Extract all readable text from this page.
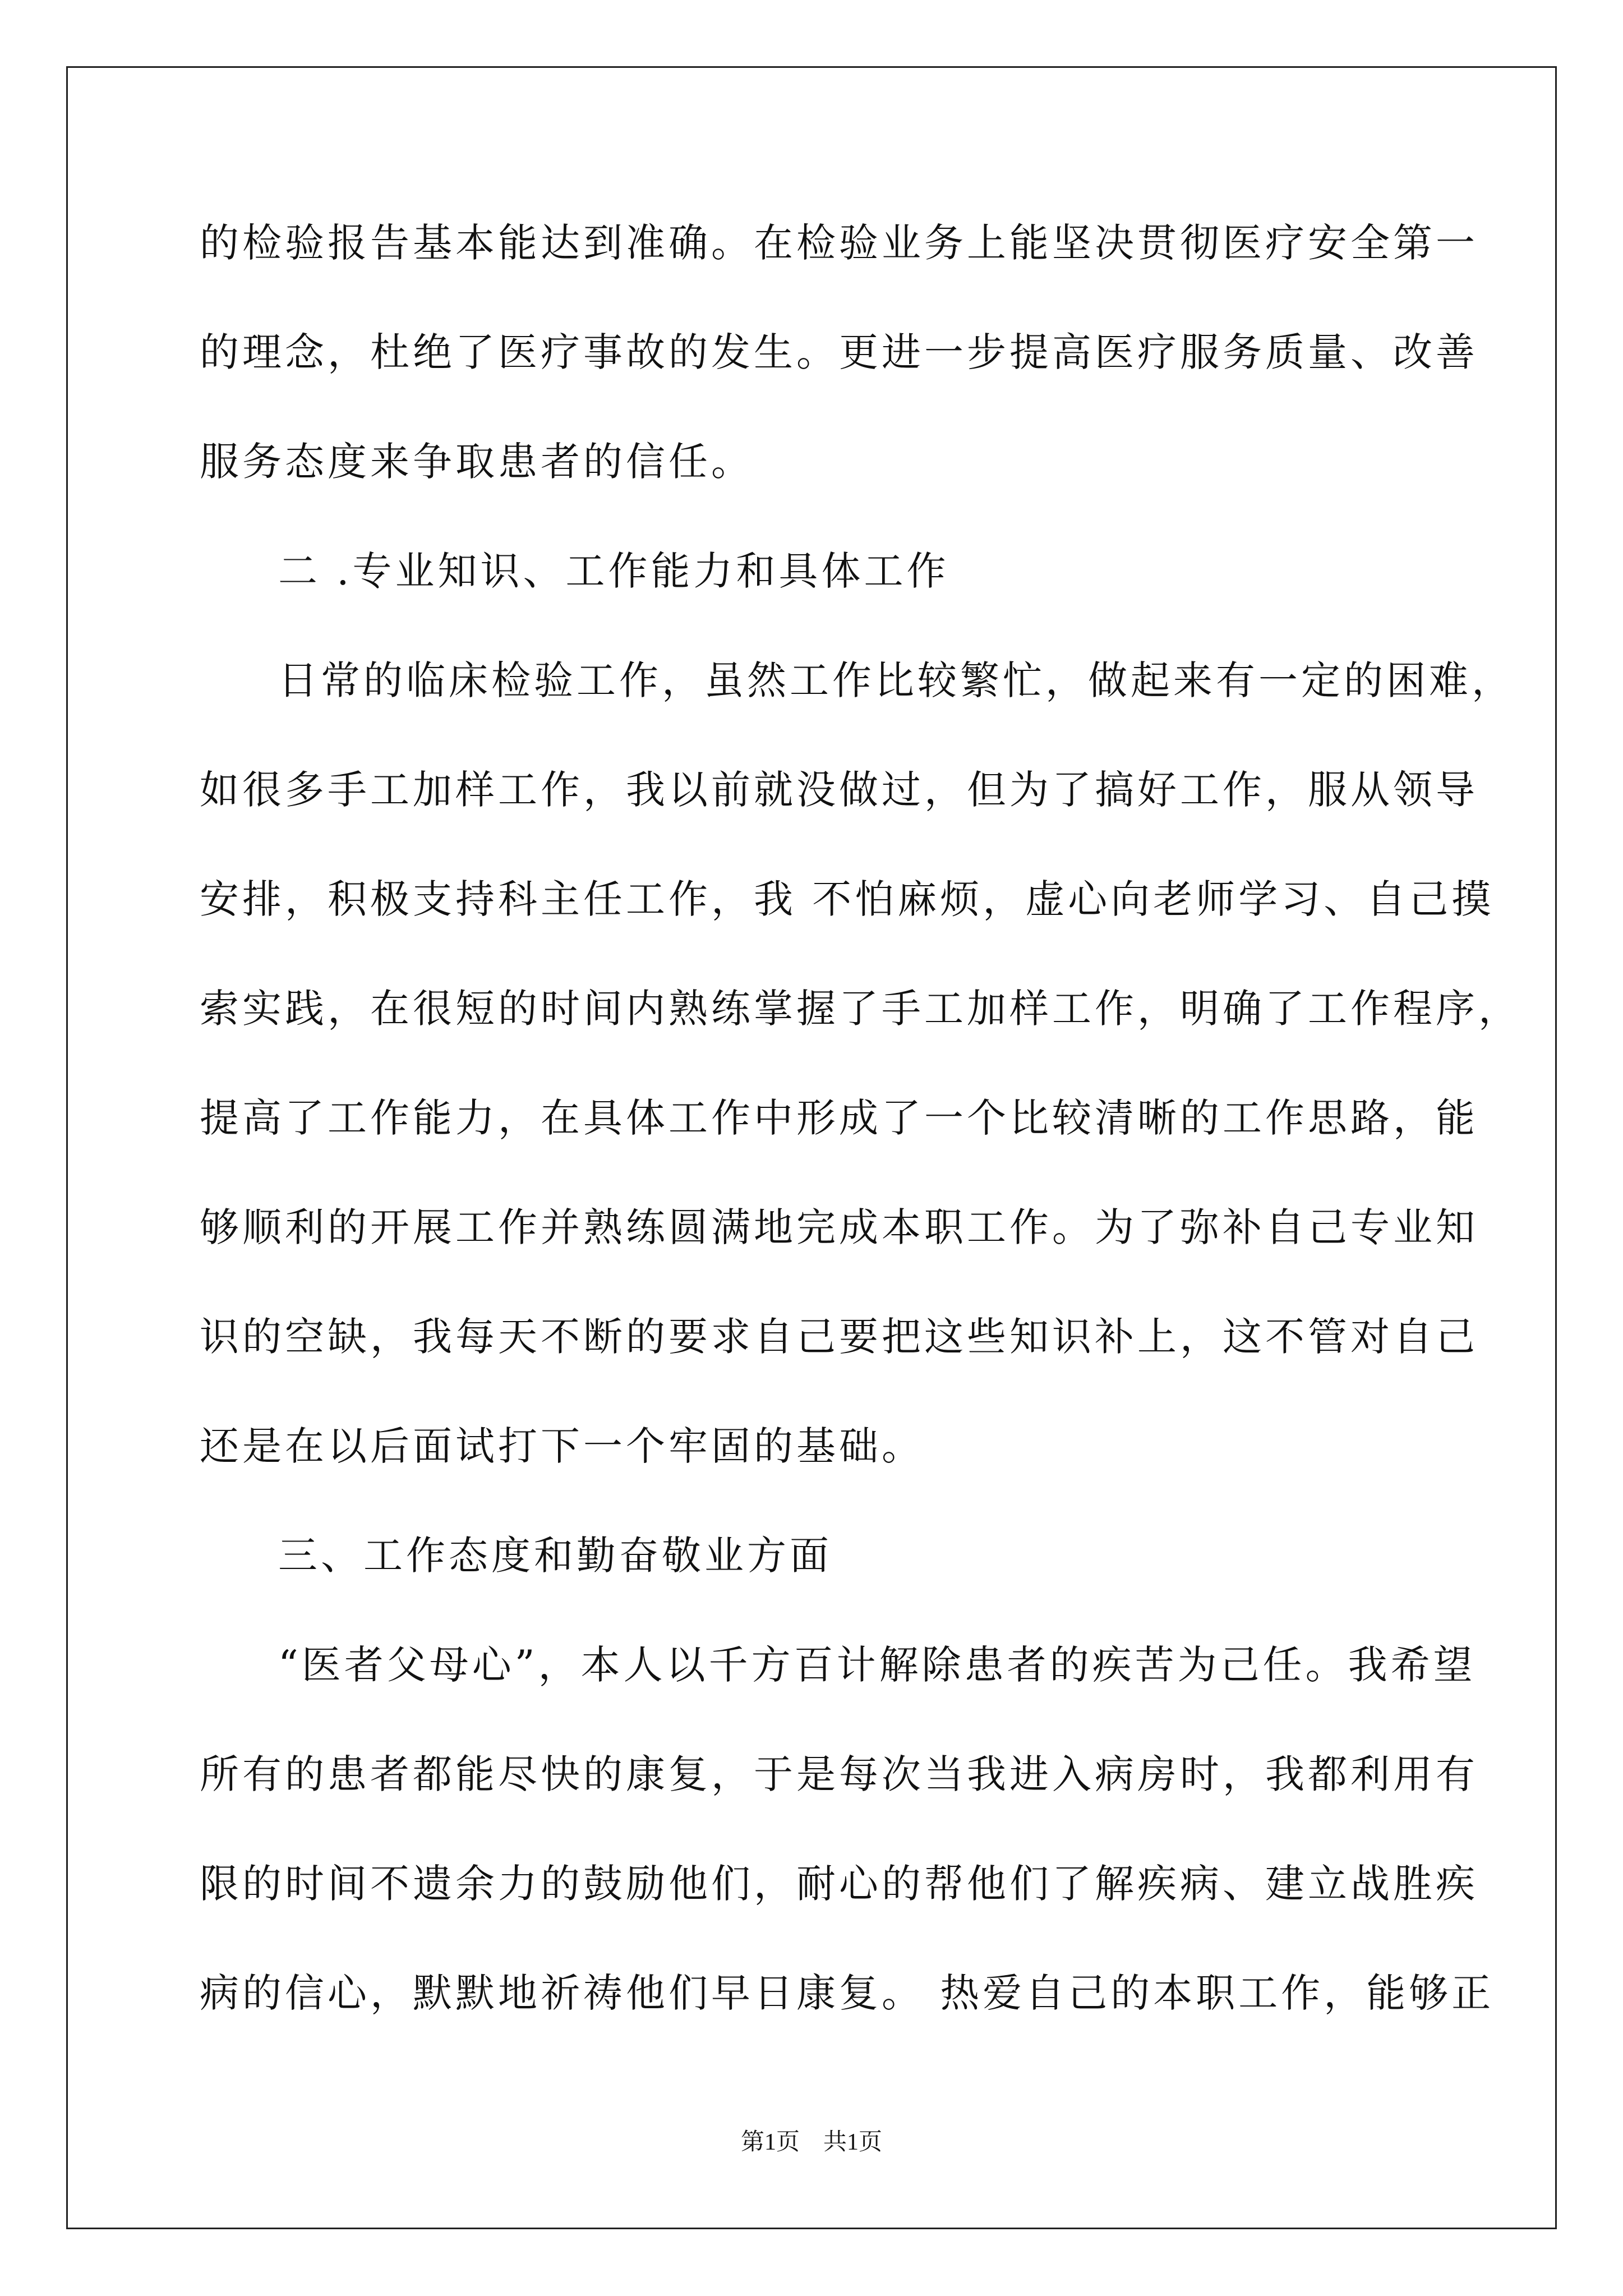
的检验报告基本能达到准确。在检验业务上能坚决贯彻医疗安全第一
的理念，杜绝了医疗事故的发生。更进一步提高医疗服务质量、改善
服务态度来争取患者的信任。
二 .专业知识、工作能力和具体工作
日常的临床检验工作，虽然工作比较繁忙，做起来有一定的困难，
如很多手工加样工作，我以前就没做过，但为了搞好工作，服从领导
安排，积极支持科主任工作，我 不怕麻烦，虚心向老师学习、自己摸
索实践，在很短的时间内熟练掌握了手工加样工作，明确了工作程序，
提高了工作能力，在具体工作中形成了一个比较清晰的工作思路，能
够顺利的开展工作并熟练圆满地完成本职工作。为了弥补自己专业知
识的空缺，我每天不断的要求自己要把这些知识补上，这不管对自己
还是在以后面试打下一个牢固的基础。
三、工作态度和勤奋敬业方面
“医者父母心”，本人以千方百计解除患者的疾苦为己任。我希望
所有的患者都能尽快的康复，于是每次当我进入病房时，我都利用有
限的时间不遗余力的鼓励他们，耐心的帮他们了解疾病、建立战胜疾
病的信心，默默地祈祷他们早日康复。 热爱自己的本职工作，能够正
第1页    共1页
